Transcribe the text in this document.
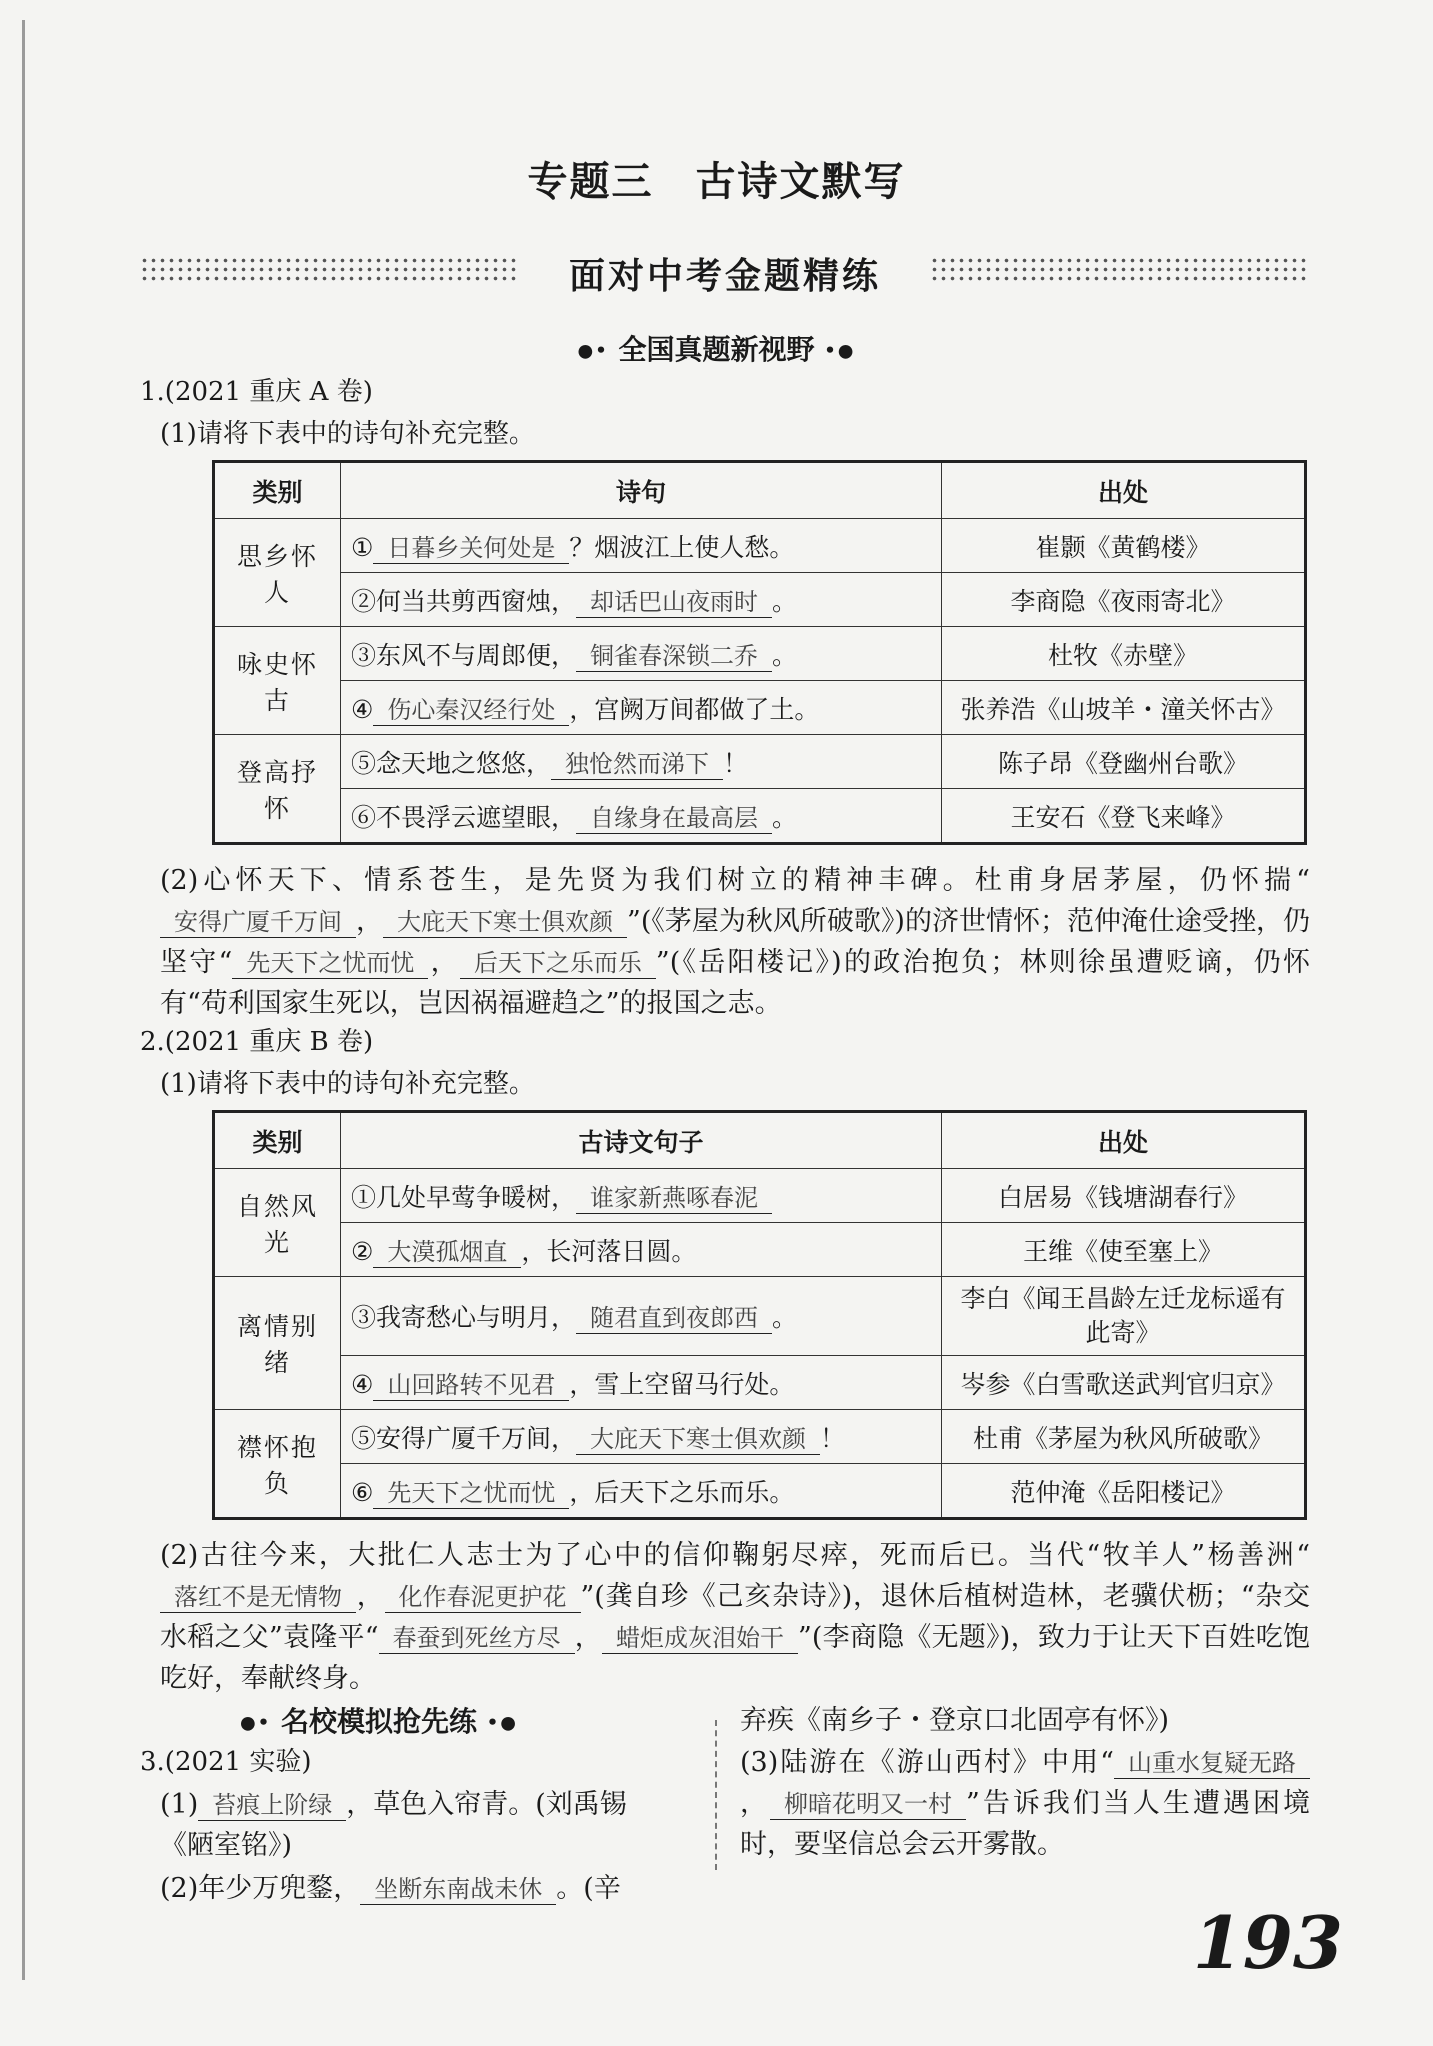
专题三　古诗文默写
面对中考金题精练
●• 全国真题新视野 •●
1.(2021 重庆 A 卷)
(1)请将下表中的诗句补充完整。
类别	诗句	出处
思乡怀人	① 日暮乡关何处是 ？烟波江上使人愁。	崔颢《黄鹤楼》
	②何当共剪西窗烛， 却话巴山夜雨时 。	李商隐《夜雨寄北》
咏史怀古	③东风不与周郎便， 铜雀春深锁二乔 。	杜牧《赤壁》
	④ 伤心秦汉经行处 ，宫阙万间都做了土。	张养浩《山坡羊・潼关怀古》
登高抒怀	⑤念天地之悠悠， 独怆然而涕下 ！	陈子昂《登幽州台歌》
	⑥不畏浮云遮望眼， 自缘身在最高层 。	王安石《登飞来峰》
(2)心怀天下、情系苍生，是先贤为我们树立的精神丰碑。杜甫身居茅屋，仍怀揣“安得广厦千万间 ， 大庇天下寒士俱欢颜 ”(《茅屋为秋风所破歌》)的济世情怀；范仲淹仕途受挫，仍坚守“ 先天下之忧而忧 ， 后天下之乐而乐 ”(《岳阳楼记》)的政治抱负；林则徐虽遭贬谪，仍怀有“苟利国家生死以，岂因祸福避趋之”的报国之志。
2.(2021 重庆 B 卷)
(1)请将下表中的诗句补充完整。
类别	古诗文句子	出处
自然风光	①几处早莺争暖树， 谁家新燕啄春泥	白居易《钱塘湖春行》
	② 大漠孤烟直 ，长河落日圆。	王维《使至塞上》
离情别绪	③我寄愁心与明月， 随君直到夜郎西 。	李白《闻王昌龄左迁龙标遥有此寄》
	④ 山回路转不见君 ，雪上空留马行处。	岑参《白雪歌送武判官归京》
襟怀抱负	⑤安得广厦千万间， 大庇天下寒士俱欢颜 ！	杜甫《茅屋为秋风所破歌》
	⑥ 先天下之忧而忧 ，后天下之乐而乐。	范仲淹《岳阳楼记》
(2)古往今来，大批仁人志士为了心中的信仰鞠躬尽瘁，死而后已。当代“牧羊人”杨善洲“落红不是无情物 ， 化作春泥更护花 ”(龚自珍《己亥杂诗》)，退休后植树造林，老骥伏枥；“杂交水稻之父”袁隆平“ 春蚕到死丝方尽 ， 蜡炬成灰泪始干 ”(李商隐《无题》)，致力于让天下百姓吃饱吃好，奉献终身。
●• 名校模拟抢先练 •●
3.(2021 实验)
(1) 苔痕上阶绿 ，草色入帘青。(刘禹锡
《陋室铭》)
(2)年少万兜鍪， 坐断东南战未休 。(辛
弃疾《南乡子・登京口北固亭有怀》)
(3)陆游在《游山西村》中用“ 山重水复疑无路， 柳暗花明又一村 ”告诉我们当人生遭遇困境时，要坚信总会云开雾散。
193
